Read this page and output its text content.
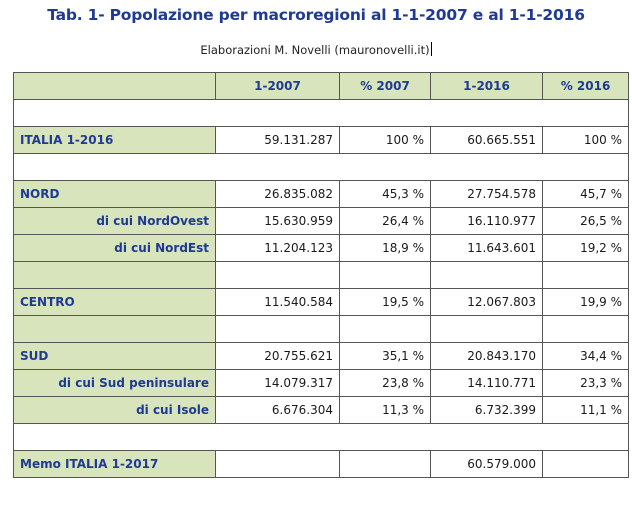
Tab. 1- Popolazione per macroregioni al 1-1-2007 e al 1-1-2016
Elaborazioni M. Novelli (mauronovelli.it)
	1-2007	% 2007	1-2016	% 2016

ITALIA 1-2016	59.131.287	100 %	60.665.551	100 %

NORD	26.835.082	45,3 %	27.754.578	45,7 %
di cui NordOvest	15.630.959	26,4 %	16.110.977	26,5 %
di cui NordEst	11.204.123	18,9 %	11.643.601	19,2 %

CENTRO	11.540.584	19,5 %	12.067.803	19,9 %

SUD	20.755.621	35,1 %	20.843.170	34,4 %
di cui Sud peninsulare	14.079.317	23,8 %	14.110.771	23,3 %
di cui Isole	6.676.304	11,3 %	6.732.399	11,1 %

Memo ITALIA 1-2017			60.579.000	
